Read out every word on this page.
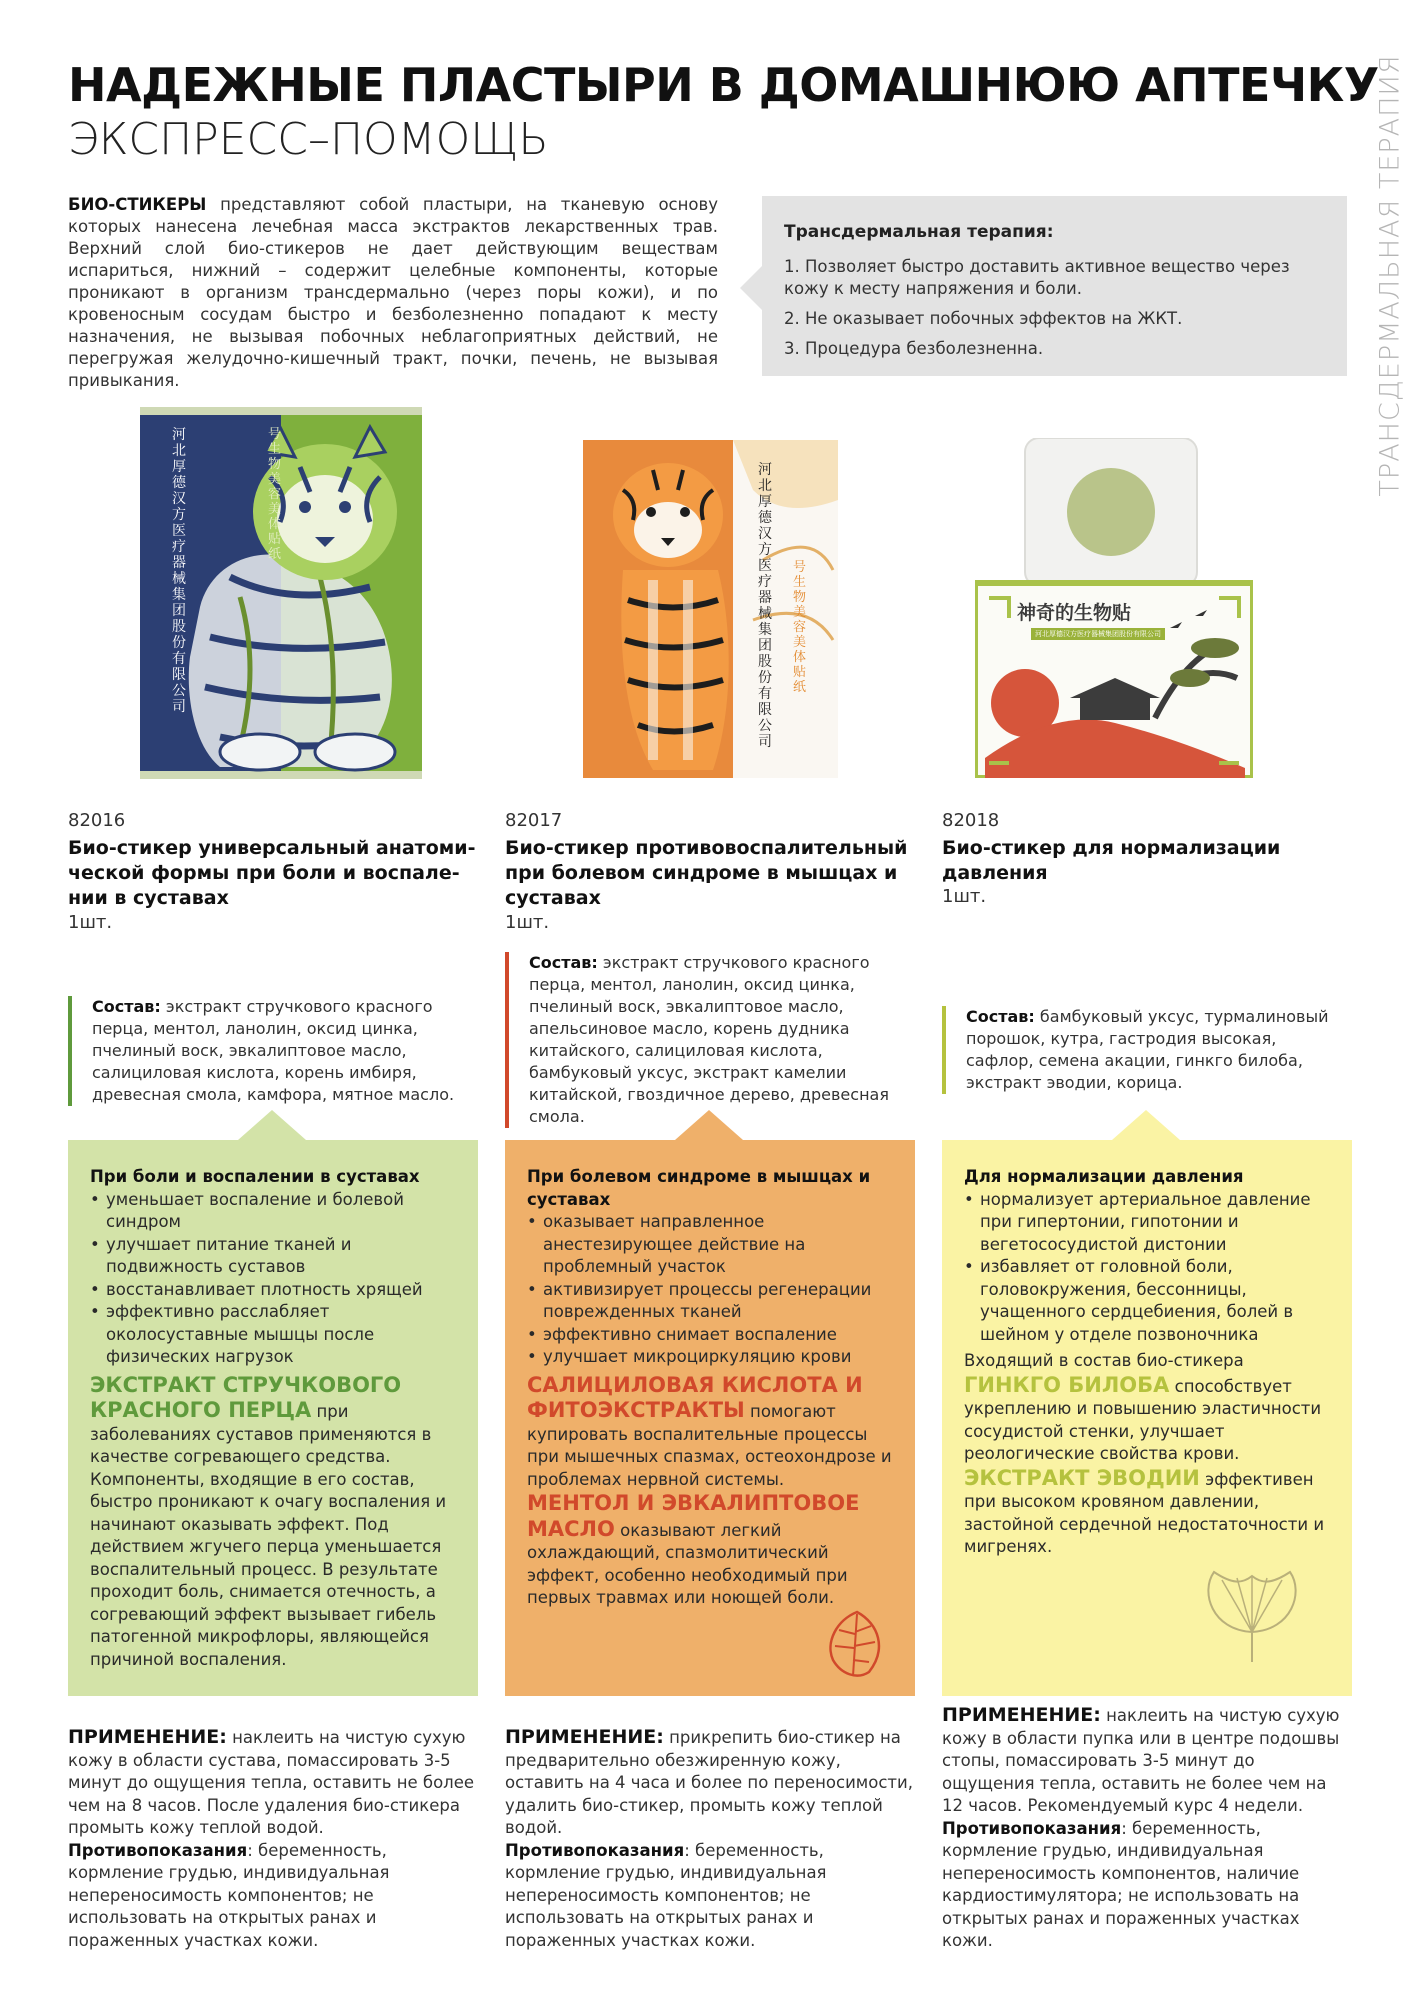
ТРАНСДЕРМАЛЬНАЯ ТЕРАПИЯ
НАДЕЖНЫЕ ПЛАСТЫРИ В ДОМАШНЮЮ АПТЕЧКУ
ЭКСПРЕСС–ПОМОЩЬ
БИО-СТИКЕРЫ представляют собой пластыри, на тканевую основу которых нанесена лечебная масса экстрактов лекарственных трав. Верхний слой био-стикеров не дает действующим веществам испариться, нижний – содержит целебные компоненты, которые проникают в организм трансдермально (через поры кожи), и по кровеносным сосудам быстро и безболезненно попадают к месту назначения, не вызывая побочных неблагоприятных действий, не перегружая желудочно-кишечный тракт, почки, печень, не вызывая привыкания.
Трансдермальная терапия:
1. Позволяет быстро доставить активное вещество через кожу к месту напряжения и боли.
2. Не оказывает побочных эффектов на ЖКТ.
3. Процедура безболезненна.
河北厚德汉方医疗器械集团股份有限公司
号生物美容美体贴纸
河北厚德汉方医疗器械集团股份有限公司
号生物美容美体贴纸
神奇的生物贴
河北厚德汉方医疗器械集团股份有限公司
82016
Био-стикер универсальный анатоми-ческой формы при боли и воспале-нии в суставах
1шт.
Состав: экстракт стручкового красного перца, ментол, ланолин, оксид цинка, пчелиный воск, эвкалиптовое масло, салициловая кислота, корень имбиря, древесная смола, камфора, мятное масло.
При боли и воспалении в суставах
• уменьшает воспаление и болевой синдром
• улучшает питание тканей и подвижность суставов
• восстанавливает плотность хрящей
• эффективно расслабляет околосуставные мышцы после физических нагрузок
ЭКСТРАКТ СТРУЧКОВОГО КРАСНОГО ПЕРЦА при заболеваниях суставов применяются в качестве согревающего средства. Компоненты, входящие в его состав, быстро проникают к очагу воспаления и начинают оказывать эффект. Под действием жгучего перца уменьшается воспалительный процесс. В результате проходит боль, снимается отечность, а согревающий эффект вызывает гибель патогенной микрофлоры, являющейся причиной воспаления.
ПРИМЕНЕНИЕ: наклеить на чистую сухую кожу в области сустава, помассировать 3-5 минут до ощущения тепла, оставить не более чем на 8 часов. После удаления био-стикера промыть кожу теплой водой.
Противопоказания: беременность, кормление грудью, индивидуальная непереносимость компонентов; не использовать на открытых ранах и пораженных участках кожи.
82017
Био-стикер противовоспалительный при болевом синдроме в мышцах и суставах
1шт.
Состав: экстракт стручкового красного перца, ментол, ланолин, оксид цинка, пчелиный воск, эвкалиптовое масло, апельсиновое масло, корень дудника китайского, салициловая кислота, бамбуковый уксус, экстракт камелии китайской, гвоздичное дерево, древесная смола.
При болевом синдроме в мышцах и суставах
• оказывает направленное анестезирующее действие на проблемный участок
• активизирует процессы регенерации поврежденных тканей
• эффективно снимает воспаление
• улучшает микроциркуляцию крови
САЛИЦИЛОВАЯ КИСЛОТА И ФИТОЭКСТРАКТЫ помогают купировать воспалительные процессы при мышечных спазмах, остеохондрозе и проблемах нервной системы.
МЕНТОЛ И ЭВКАЛИПТОВОЕ МАСЛО оказывают легкий охлаждающий, спазмолитический эффект, особенно необходимый при первых травмах или ноющей боли.
ПРИМЕНЕНИЕ: прикрепить био-стикер на предварительно обезжиренную кожу, оставить на 4 часа и более по переносимости, удалить био-стикер, промыть кожу теплой водой.
Противопоказания: беременность, кормление грудью, индивидуальная непереносимость компонентов; не использовать на открытых ранах и пораженных участках кожи.
82018
Био-стикер для нормализации давления
1шт.
Состав: бамбуковый уксус, турмалиновый порошок, кутра, гастродия высокая, сафлор, семена акации, гинкго билоба, экстракт эводии, корица.
Для нормализации давления
• нормализует артериальное давление при гипертонии, гипотонии и вегетососудистой дистонии
• избавляет от головной боли, головокружения, бессонницы, учащенного сердцебиения, болей в шейном у отделе позвоночника
Входящий в состав био-стикера
ГИНКГО БИЛОБА способствует укреплению и повышению эластичности сосудистой стенки, улучшает реологические свойства крови.
ЭКСТРАКТ ЭВОДИИ эффективен при высоком кровяном давлении, застойной сердечной недостаточности и мигренях.
ПРИМЕНЕНИЕ: наклеить на чистую сухую кожу в области пупка или в центре подошвы стопы, помассировать 3-5 минут до ощущения тепла, оставить не более чем на 12 часов. Рекомендуемый курс 4 недели.
Противопоказания: беременность, кормление грудью, индивидуальная непереносимость компонентов, наличие кардиостимулятора; не использовать на открытых ранах и пораженных участках кожи.
